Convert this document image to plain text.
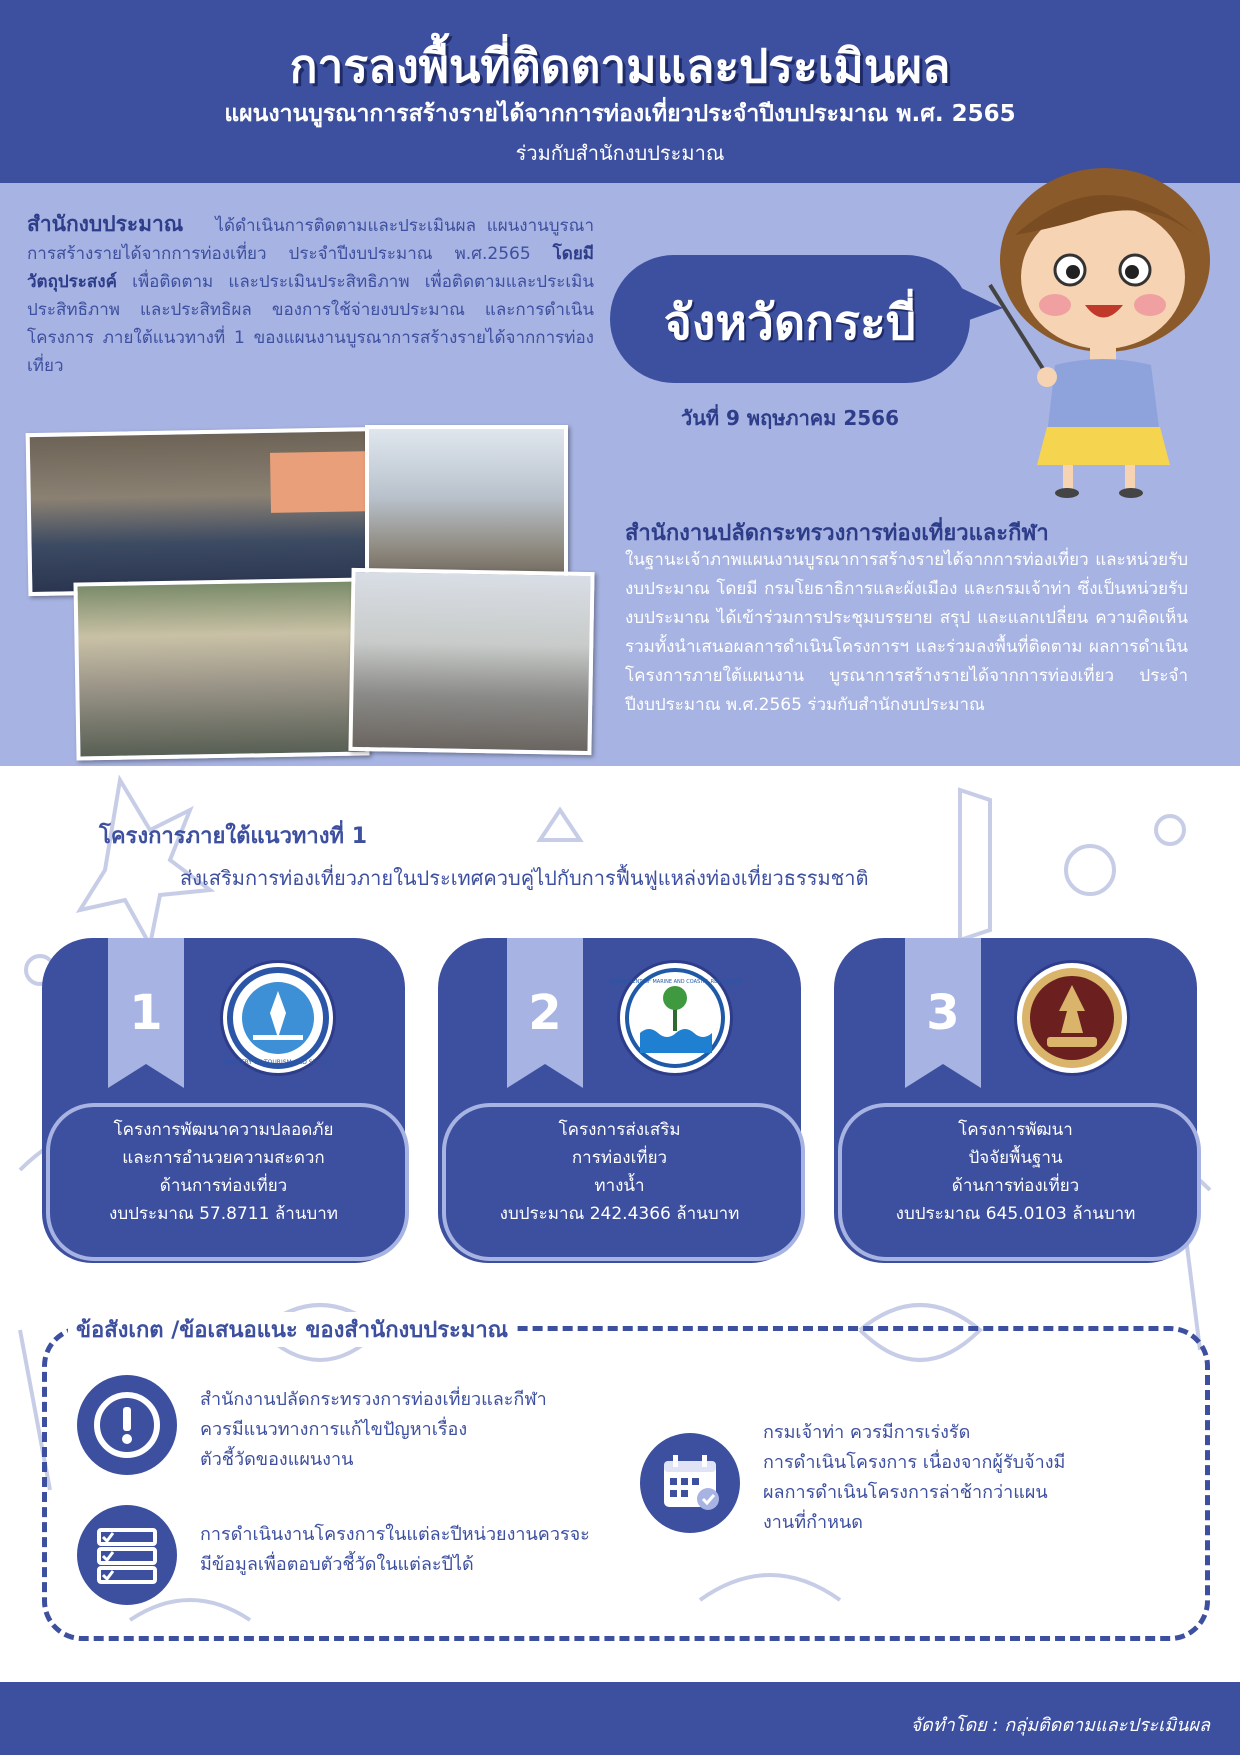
การลงพื้นที่ติดตามและประเมินผล
แผนงานบูรณาการสร้างรายได้จากการท่องเที่ยวประจำปีงบประมาณ พ.ศ. 2565
ร่วมกับสำนักงบประมาณ
สำนักงบประมาณ ได้ดำเนินการติดตามและประเมินผล แผนงานบูรณาการสร้างรายได้จากการท่องเที่ยว ประจำปีงบประมาณ พ.ศ.2565 โดยมีวัตถุประสงค์ เพื่อติดตาม และประเมินประสิทธิภาพ เพื่อติดตามและประเมินประสิทธิภาพ และประสิทธิผล ของการใช้จ่ายงบประมาณ และการดำเนินโครงการ ภายใต้แนวทางที่ 1 ของแผนงานบูรณาการสร้างรายได้จากการท่องเที่ยว
จังหวัดกระบี่
วันที่ 9 พฤษภาคม 2566
สำนักงานปลัดกระทรวงการท่องเที่ยวและกีฬา
ในฐานะเจ้าภาพแผนงานบูรณาการสร้างรายได้จากการท่องเที่ยว และหน่วยรับงบประมาณ โดยมี กรมโยธาธิการและผังเมือง และกรมเจ้าท่า ซึ่งเป็นหน่วยรับงบประมาณ ได้เข้าร่วมการประชุมบรรยาย สรุป และแลกเปลี่ยน ความคิดเห็น รวมทั้งนำเสนอผลการดำเนินโครงการฯ และร่วมลงพื้นที่ติดตาม ผลการดำเนินโครงการภายใต้แผนงาน บูรณาการสร้างรายได้จากการท่องเที่ยว ประจำปีงบประมาณ พ.ศ.2565 ร่วมกับสำนักงบประมาณ
โครงการภายใต้แนวทางที่ 1
ส่งเสริมการท่องเที่ยวภายในประเทศควบคู่ไปกับการฟื้นฟูแหล่งท่องเที่ยวธรรมชาติ
1
MINISTRY OF TOURISM AND SPORTS
โครงการพัฒนาความปลอดภัย
และการอำนวยความสะดวก
ด้านการท่องเที่ยว
งบประมาณ 57.8711 ล้านบาท
2
DEPARTMENT OF MARINE AND COASTAL RESOURCES
โครงการส่งเสริม
การท่องเที่ยว
ทางน้ำ
งบประมาณ 242.4366 ล้านบาท
3
โครงการพัฒนา
ปัจจัยพื้นฐาน
ด้านการท่องเที่ยว
งบประมาณ 645.0103 ล้านบาท
ข้อสังเกต /ข้อเสนอแนะ ของสำนักงบประมาณ
สำนักงานปลัดกระทรวงการท่องเที่ยวและกีฬา
ควรมีแนวทางการแก้ไขปัญหาเรื่อง
ตัวชี้วัดของแผนงาน
การดำเนินงานโครงการในแต่ละปีหน่วยงานควรจะ
มีข้อมูลเพื่อตอบตัวชี้วัดในแต่ละปีได้
กรมเจ้าท่า ควรมีการเร่งรัด
การดำเนินโครงการ เนื่องจากผู้รับจ้างมี
ผลการดำเนินโครงการล่าช้ากว่าแผน
งานที่กำหนด
จัดทำโดย : กลุ่มติดตามและประเมินผล
